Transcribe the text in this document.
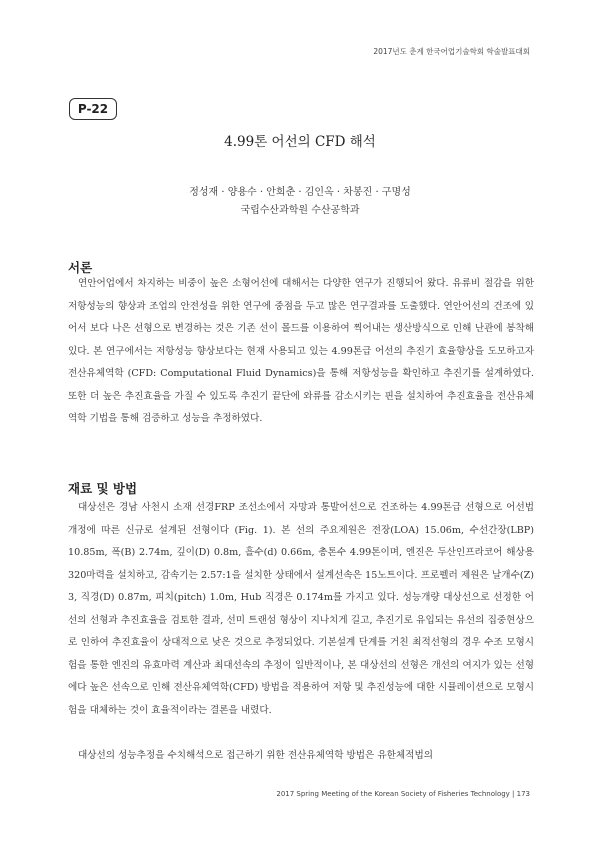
2017년도 춘계 한국어업기술학회 학술발표대회
P-22
4.99톤 어선의 CFD 해석
정성재 · 양용수 · 안희춘 · 김인옥 · 차봉진 · 구명성
국립수산과학원 수산공학과
서론

연안어업에서 차지하는 비중이 높은 소형어선에 대해서는 다양한 연구가 진행되어 왔다. 유류비 절감을 위한 저항성능의 향상과 조업의 안전성을 위한 연구에 중점을 두고 많은 연구결과를 도출했다. 연안어선의 건조에 있어서 보다 나은 선형으로 변경하는 것은 기존 선이 몰드를 이용하여 찍어내는 생산방식으로 인해 난관에 봉착해있다. 본 연구에서는 저항성능 향상보다는 현재 사용되고 있는 4.99톤급 어선의 추진기 효율향상을 도모하고자 전산유체역학 (CFD: Computational Fluid Dynamics)을 통해 저항성능을 확인하고 추진기를 설계하였다. 또한 더 높은 추진효율을 가질 수 있도록 추진기 끝단에 와류를 감소시키는 핀을 설치하여 추진효율을 전산유체역학 기법을 통해 검증하고 성능을 추정하였다.

재료 및 방법

대상선은 경남 사천시 소재 선경FRP 조선소에서 자망과 통발어선으로 건조하는 4.99톤급 선형으로 어선법 개정에 따른 신규로 설계된 선형이다 (Fig. 1). 본 선의 주요제원은 전장(LOA) 15.06m, 수선간장(LBP) 10.85m, 폭(B) 2.74m, 깊이(D) 0.8m, 흘수(d) 0.66m, 총톤수 4.99톤이며, 엔진은 두산인프라코어 해상용 320마력을 설치하고, 감속기는 2.57:1을 설치한 상태에서 설계선속은 15노트이다. 프로펠러 제원은 날개수(Z) 3, 직경(D) 0.87m, 피치(pitch) 1.0m, Hub 직경은 0.174m를 가지고 있다. 성능개량 대상선으로 선정한 어선의 선형과 추진효율을 검토한 결과, 선미 트랜섬 형상이 지나치게 길고, 추진기로 유입되는 유선의 집중현상으로 인하여 추진효율이 상대적으로 낮은 것으로 추정되었다. 기본설계 단계를 거친 최적선형의 경우 수조 모형시험을 통한 엔진의 유효마력 계산과 최대선속의 추정이 일반적이나, 본 대상선의 선형은 개선의 여지가 있는 선형에다 높은 선속으로 인해 전산유체역학(CFD) 방법을 적용하여 저항 및 추진성능에 대한 시뮬레이션으로 모형시험을 대체하는 것이 효율적이라는 결론을 내렸다.

대상선의 성능추정을 수치해석으로 접근하기 위한 전산유체역학 방법은 유한체적법의

2017 Spring Meeting of the Korean Society of Fisheries Technology | 173
